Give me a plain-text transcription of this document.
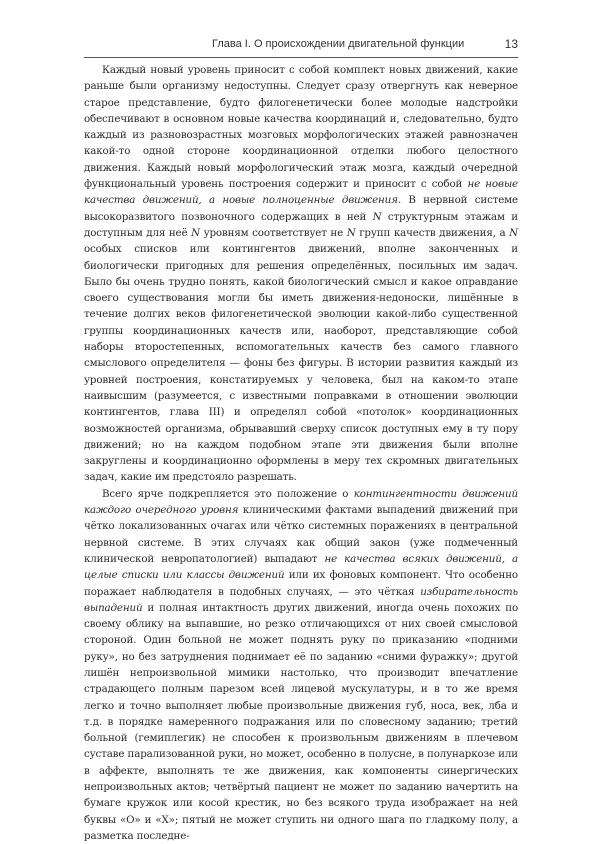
Глава I. О происхождении двигательной функции	13

Каждый новый уровень приносит с собой комплект новых движений, какие раньше были организму недоступны. Следует сразу отвергнуть как неверное старое представление, будто филогенетически более молодые надстройки обеспечивают в основном новые качества координаций и, следовательно, будто каждый из разновозрастных мозговых морфологических этажей равнозначен какой-то одной стороне координационной отделки любого целостного движения. Каждый новый морфологический этаж мозга, каждый очередной функциональный уровень построения содержит и приносит с собой не новые качества движений, а новые полноценные движения. В нервной системе высокоразвитого позвоночного содержащих в ней N структурным этажам и доступным для неё N уровням соответствует не N групп качеств движения, а N особых списков или контингентов движений, вполне законченных и биологически пригодных для решения определённых, посильных им задач. Было бы очень трудно понять, какой биологический смысл и какое оправдание своего существования могли бы иметь движения-недоноски, лишённые в течение долгих веков филогенетической эволюции какой-либо существенной группы координационных качеств или, наоборот, представляющие собой наборы второстепенных, вспомогательных качеств без самого главного смыслового определителя — фоны без фигуры. В истории развития каждый из уровней построения, констатируемых у человека, был на каком-то этапе наивысшим (разумеется, с известными поправками в отношении эволюции контингентов, глава III) и определял собой «потолок» координационных возможностей организма, обрывавший сверху список доступных ему в ту пору движений; но на каждом подобном этапе эти движения были вполне закруглены и координационно оформлены в меру тех скромных двигательных задач, какие им предстояло разрешать.

Всего ярче подкрепляется это положение о контингентности движений каждого очередного уровня клиническими фактами выпадений движений при чётко локализованных очагах или чётко системных поражениях в центральной нервной системе. В этих случаях как общий закон (уже подмеченный клинической невропатологией) выпадают не качества всяких движений, а целые списки или классы движений или их фоновых компонент. Что особенно поражает наблюдателя в подобных случаях, — это чёткая избирательность выпадений и полная интактность других движений, иногда очень похожих по своему облику на выпавшие, но резко отличающихся от них своей смысловой стороной. Один больной не может поднять руку по приказанию «подними руку», но без затруднения поднимает её по заданию «сними фуражку»; другой лишён непроизвольной мимики настолько, что производит впечатление страдающего полным парезом всей лицевой мускулатуры, и в то же время легко и точно выполняет любые произвольные движения губ, носа, век, лба и т.д. в порядке намеренного подражания или по словесному заданию; третий больной (гемиплегик) не способен к произвольным движениям в плечевом суставе парализованной руки, но может, особенно в полусне, в полунаркозе или в аффекте, выполнять те же движения, как компоненты синергических непроизвольных актов; четвёртый пациент не может по заданию начертить на бумаге кружок или косой крестик, но без всякого труда изображает на ней буквы «О» и «Х»; пятый не может ступить ни одного шага по гладкому полу, а разметка последне-
